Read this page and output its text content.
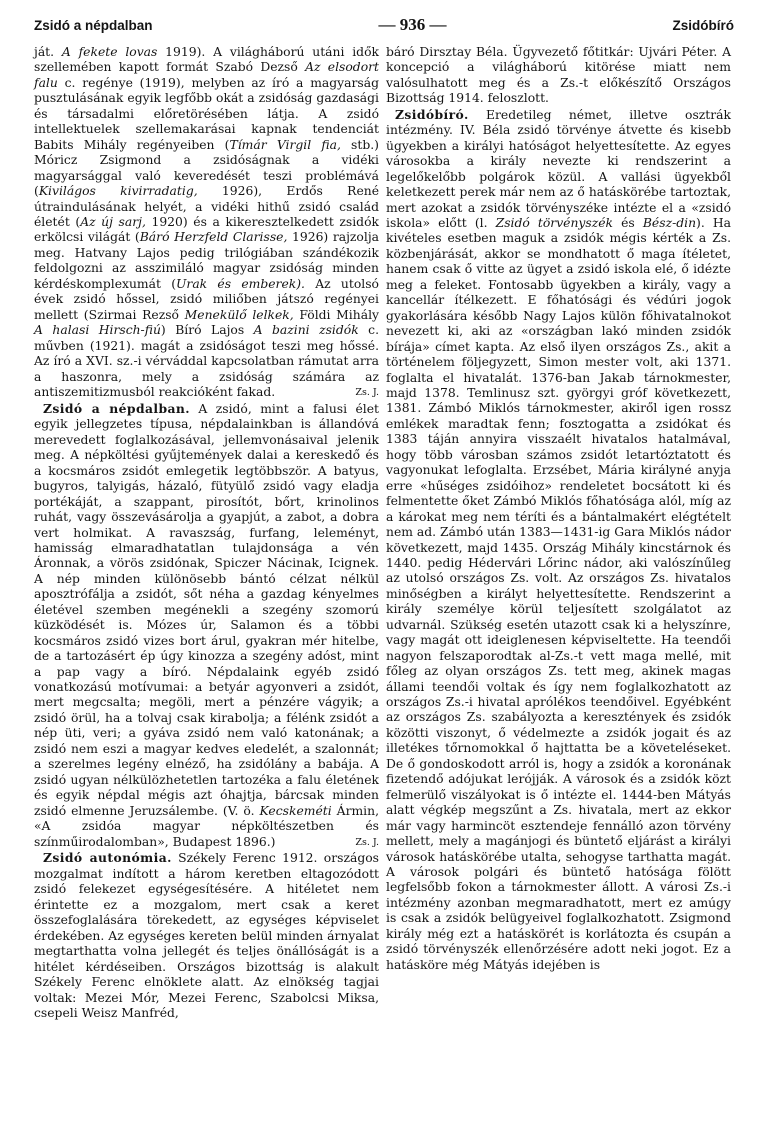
Zsidó a népdalban	— 936 —	Zsidóbíró

ját. A fekete lovas 1919). A világháború utáni idők szellemében kapott formát Szabó Dezső Az elsodort falu c. regénye (1919), melyben az író a magyarság pusztulásának egyik legfőbb okát a zsidóság gazdasági és társadalmi előretörésében látja. A zsidó intellektuelek szellemakarásai kapnak tendenciát Babits Mihály regényeiben (Tímár Virgil fia, stb.) Móricz Zsigmond a zsidóságnak a vidéki magyarsággal való keveredését teszi problémává (Kivilágos kivirradatig, 1926), Erdős René útraindulásának helyét, a vidéki hithű zsidó család életét (Az új sarj, 1920) és a kikeresztelkedett zsidók erkölcsi világát (Báró Herzfeld Clarisse, 1926) rajzolja meg. Hatvany Lajos pedig trilógiában szándékozik feldolgozni az asszimiláló magyar zsidóság minden kérdéskomplexumát (Urak és emberek). Az utolsó évek zsidó hőssel, zsidó miliőben játszó regényei mellett (Szirmai Rezső Menekülő lelkek, Földi Mihály A halasi Hirsch-fiú) Bíró Lajos A bazini zsidók c. művben (1921). magát a zsidóságot teszi meg hőssé. Az író a XVI. sz.-i vérváddal kapcsolatban rámutat arra a haszonra, mely a zsidóság számára az antiszemitizmusból reakcióként fakad.	Zs. J.

Zsidó a népdalban. A zsidó, mint a falusi élet egyik jellegzetes típusa, népdalainkban is állandóvá merevedett foglalkozásával, jellemvonásaival jelenik meg. A népköltési gyűjtemények dalai a kereskedő és a kocsmáros zsidót emlegetik legtöbbször. A batyus, bugyros, talyigás, házaló, fütyülő zsidó vagy eladja portékáját, a szappant, pirosítót, bőrt, krinolinos ruhát, vagy összevásárolja a gyapjút, a zabot, a dobra vert holmikat. A ravaszság, furfang, leleményt, hamisság elmaradhatatlan tulajdonsága a vén Áronnak, a vörös zsidónak, Spiczer Nácinak, Icignek. A nép minden különösebb bántó célzat nélkül aposztrófálja a zsidót, sőt néha a gazdag kényelmes életével szemben megénekli a szegény szomorú küzködését is. Mózes úr, Salamon és a többi kocsmáros zsidó vizes bort árul, gyakran mér hitelbe, de a tartozásért ép úgy kinozza a szegény adóst, mint a pap vagy a bíró. Népdalaink egyéb zsidó vonatkozású motívumai: a betyár agyonveri a zsidót, mert megcsalta; megöli, mert a pénzére vágyik; a zsidó örül, ha a tolvaj csak kirabolja; a félénk zsidót a nép üti, veri; a gyáva zsidó nem való katonának; a zsidó nem eszi a magyar kedves eledelét, a szalonnát; a szerelmes legény elnéző, ha zsidólány a babája. A zsidó ugyan nélkülözhetetlen tartozéka a falu életének és egyik népdal mégis azt óhajtja, bárcsak minden zsidó elmenne Jeruzsálembe. (V. ö. Kecskeméti Ármin, «A zsidóa magyar népköltészetben és színműirodalomban», Budapest 1896.)	Zs. J.

Zsidó autonómia. Székely Ferenc 1912. országos mozgalmat indított a három keretben eltagozódott zsidó felekezet egységesítésére. A hitéletet nem érintette ez a mozgalom, mert csak a keret összefoglalására törekedett, az egységes képviselet érdekében. Az egységes kereten belül minden árnyalat megtarthatta volna jellegét és teljes önállóságát is a hitélet kérdéseiben. Országos bizottság is alakult Székely Ferenc elnöklete alatt. Az elnökség tagjai voltak: Mezei Mór, Mezei Ferenc, Szabolcsi Miksa, csepeli Weisz Manfréd,

báró Dirsztay Béla. Ügyvezető főtitkár: Ujvári Péter. A koncepció a világháború kitörése miatt nem valósulhatott meg és a Zs.-t előkészítő Országos Bizottság 1914. feloszlott.

Zsidóbíró. Eredetileg német, illetve osztrák intézmény. IV. Béla zsidó törvénye átvette és kisebb ügyekben a királyi hatóságot helyettesítette. Az egyes városokba a király nevezte ki rendszerint a legelőkelőbb polgárok közül. A vallási ügyekből keletkezett perek már nem az ő hatáskörébe tartoztak, mert azokat a zsidók törvényszéke intézte el a «zsidó iskola» előtt (l. Zsidó törvényszék és Bész-din). Ha kivételes esetben maguk a zsidók mégis kérték a Zs. közbenjárását, akkor se mondhatott ő maga ítéletet, hanem csak ő vitte az ügyet a zsidó iskola elé, ő idézte meg a feleket. Fontosabb ügyekben a király, vagy a kancellár ítélkezett. E főhatósági és védúri jogok gyakorlására később Nagy Lajos külön főhivatalnokot nevezett ki, aki az «országban lakó minden zsidók bírája» címet kapta. Az első ilyen országos Zs., akit a történelem följegyzett, Simon mester volt, aki 1371. foglalta el hivatalát. 1376-ban Jakab tárnokmester, majd 1378. Temlinusz szt. györgyi gróf következett, 1381. Zámbó Miklós tárnokmester, akiről igen rossz emlékek maradtak fenn; fosztogatta a zsidókat és 1383 táján annyira visszaélt hivatalos hatalmával, hogy több városban számos zsidót letartóztatott és vagyonukat lefoglalta. Erzsébet, Mária királyné anyja erre «hűséges zsidóihoz» rendeletet bocsátott ki és felmentette őket Zámbó Miklós főhatósága alól, míg az a károkat meg nem téríti és a bántalmakért elégtételt nem ad. Zámbó után 1383—1431-ig Gara Miklós nádor következett, majd 1435. Ország Mihály kincstárnok és 1440. pedig Hédervári Lőrinc nádor, aki valószínűleg az utolsó országos Zs. volt. Az országos Zs. hivatalos minőségben a királyt helyettesítette. Rendszerint a király személye körül teljesített szolgálatot az udvarnál. Szükség esetén utazott csak ki a helyszínre, vagy magát ott ideiglenesen képviseltette. Ha teendői nagyon felszaporodtak al-Zs.-t vett maga mellé, mit főleg az olyan országos Zs. tett meg, akinek magas állami teendői voltak és így nem foglalkozhatott az országos Zs.-i hivatal aprólékos teendőivel. Egyébként az országos Zs. szabályozta a keresztények és zsidók közötti viszonyt, ő védelmezte a zsidók jogait és az illetékes tőrnomokkal ő hajttatta be a követeléseket. De ő gondoskodott arról is, hogy a zsidók a koronának fizetendő adójukat lerójják. A városok és a zsidók közt felmerülő viszályokat is ő intézte el. 1444-ben Mátyás alatt végkép megszűnt a Zs. hivatala, mert az ekkor már vagy harmincöt esztendeje fennálló azon törvény mellett, mely a magánjogi és büntető eljárást a királyi városok hatáskörébe utalta, sehogyse tarthatta magát. A városok polgári és büntető hatósága fölött legfelsőbb fokon a tárnokmester állott. A városi Zs.-i intézmény azonban megmaradhatott, mert ez amúgy is csak a zsidók belügyeivel foglalkozhatott. Zsigmond király még ezt a hatáskörét is korlátozta és csupán a zsidó törvényszék ellenőrzésére adott neki jogot. Ez a hatásköre még Mátyás idejében is
